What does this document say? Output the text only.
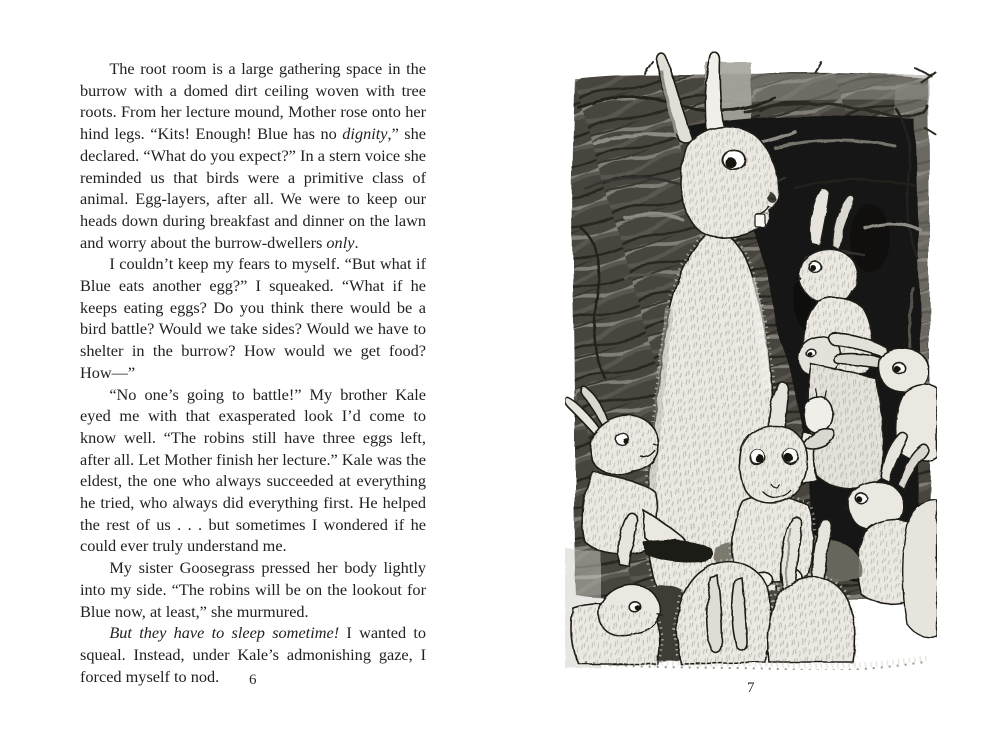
The root room is a large gathering space in the burrow with a domed dirt ceiling woven with tree roots. From her lecture mound, Mother rose onto her hind legs. “Kits! Enough! Blue has no dignity,” she declared. “What do you expect?” In a stern voice she reminded us that birds were a primitive class of animal. Egg-layers, after all. We were to keep our heads down during breakfast and dinner on the lawn and worry about the burrow-dwellers only.

I couldn’t keep my fears to myself. “But what if Blue eats another egg?” I squeaked. “What if he keeps eating eggs? Do you think there would be a bird battle? Would we take sides? Would we have to shelter in the burrow? How would we get food? How—”

“No one’s going to battle!” My brother Kale eyed me with that exasperated look I’d come to know well. “The robins still have three eggs left, after all. Let Mother finish her lecture.” Kale was the eldest, the one who always succeeded at everything he tried, who always did everything first. He helped the rest of us . . . but sometimes I wondered if he could ever truly understand me.

My sister Goosegrass pressed her body lightly into my side. “The robins will be on the lookout for Blue now, at least,” she murmured.

But they have to sleep sometime! I wanted to squeal. Instead, under Kale’s admonishing gaze, I forced myself to nod.	6	7
